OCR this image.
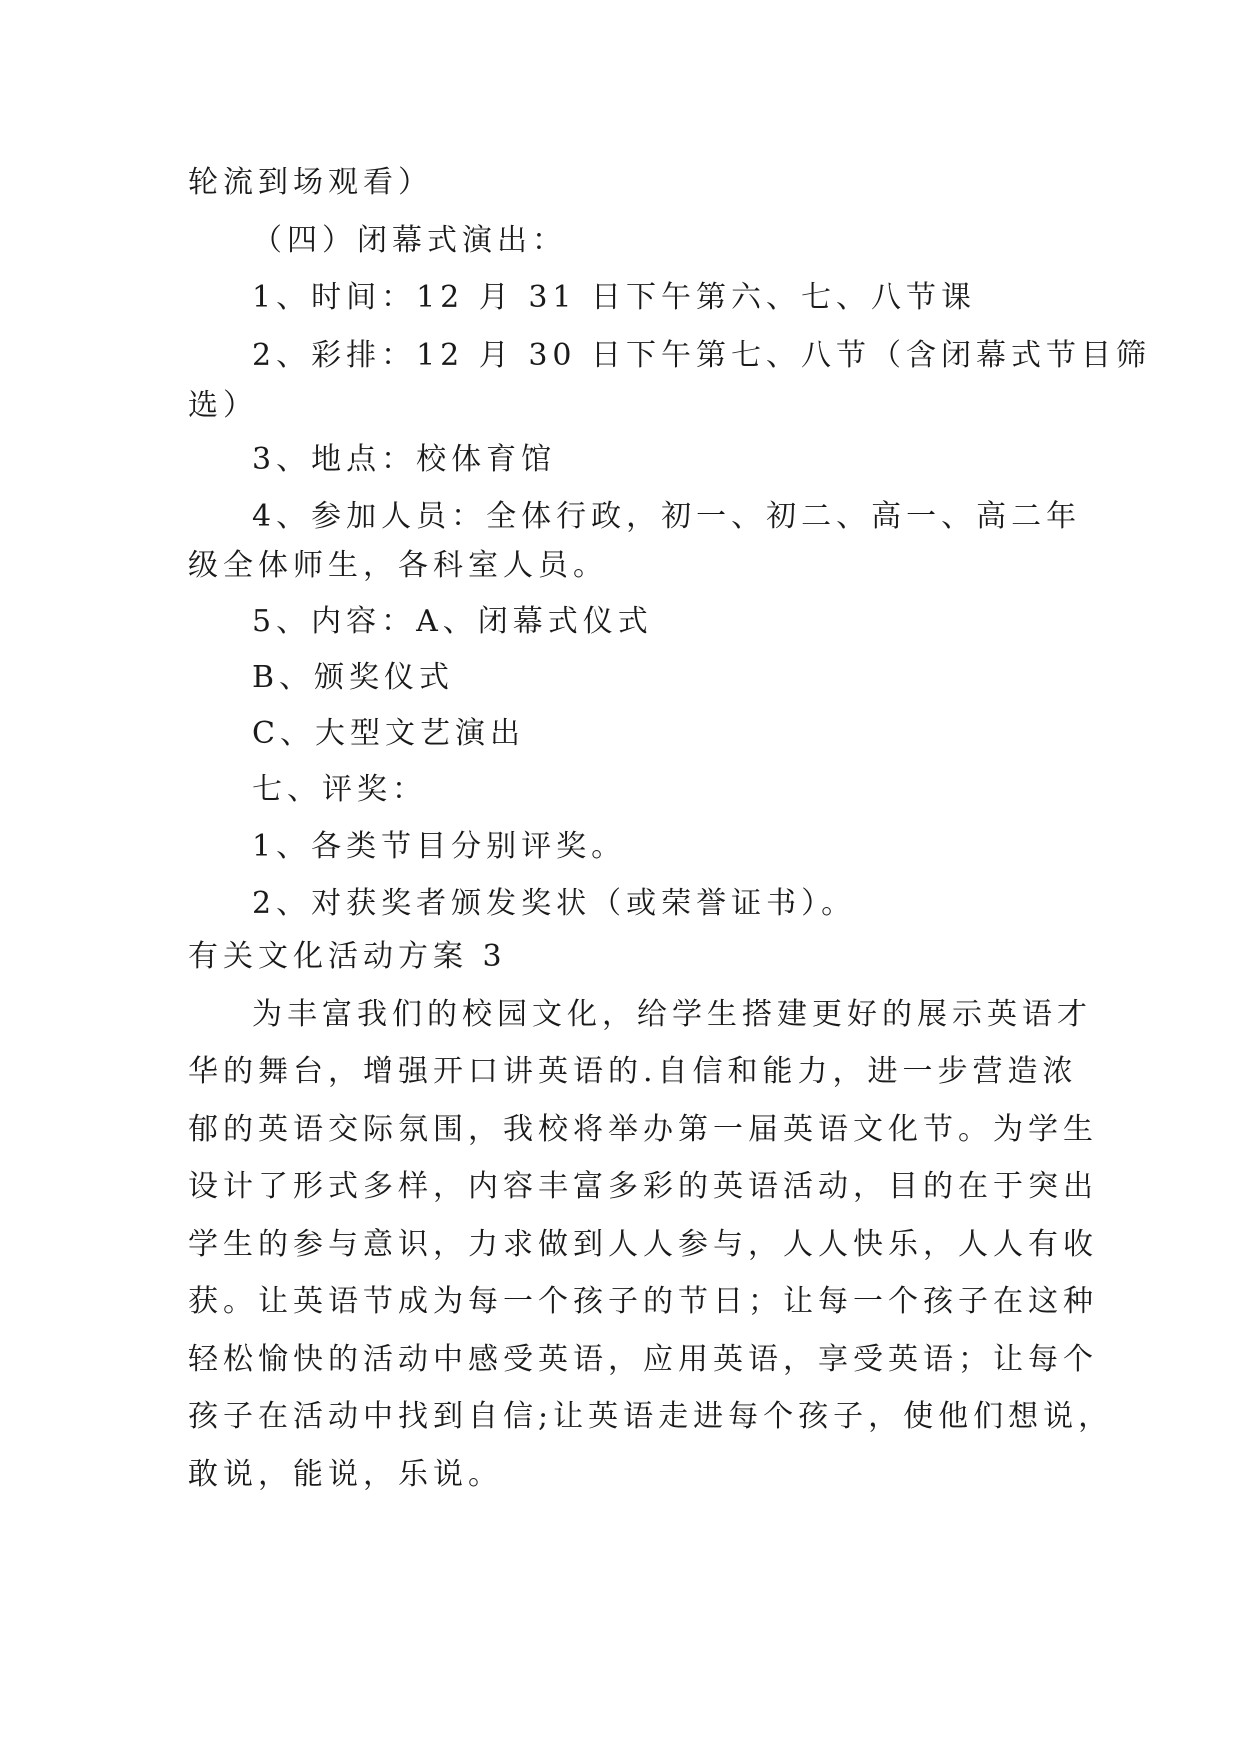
轮流到场观看）
（四）闭幕式演出：
1、时间：12 月 31 日下午第六、七、八节课
2、彩排：12 月 30 日下午第七、八节（含闭幕式节目筛
选）
3、地点：校体育馆
4、参加人员：全体行政，初一、初二、高一、高二年
级全体师生，各科室人员。
5、内容：A、闭幕式仪式
B、颁奖仪式
C、大型文艺演出
七、评奖：
1、各类节目分别评奖。
2、对获奖者颁发奖状（或荣誉证书）。
有关文化活动方案 3
为丰富我们的校园文化，给学生搭建更好的展示英语才
华的舞台，增强开口讲英语的.自信和能力，进一步营造浓
郁的英语交际氛围，我校将举办第一届英语文化节。为学生
设计了形式多样，内容丰富多彩的英语活动，目的在于突出
学生的参与意识，力求做到人人参与，人人快乐，人人有收
获。让英语节成为每一个孩子的节日；让每一个孩子在这种
轻松愉快的活动中感受英语，应用英语，享受英语；让每个
孩子在活动中找到自信;让英语走进每个孩子，使他们想说，
敢说，能说，乐说。
